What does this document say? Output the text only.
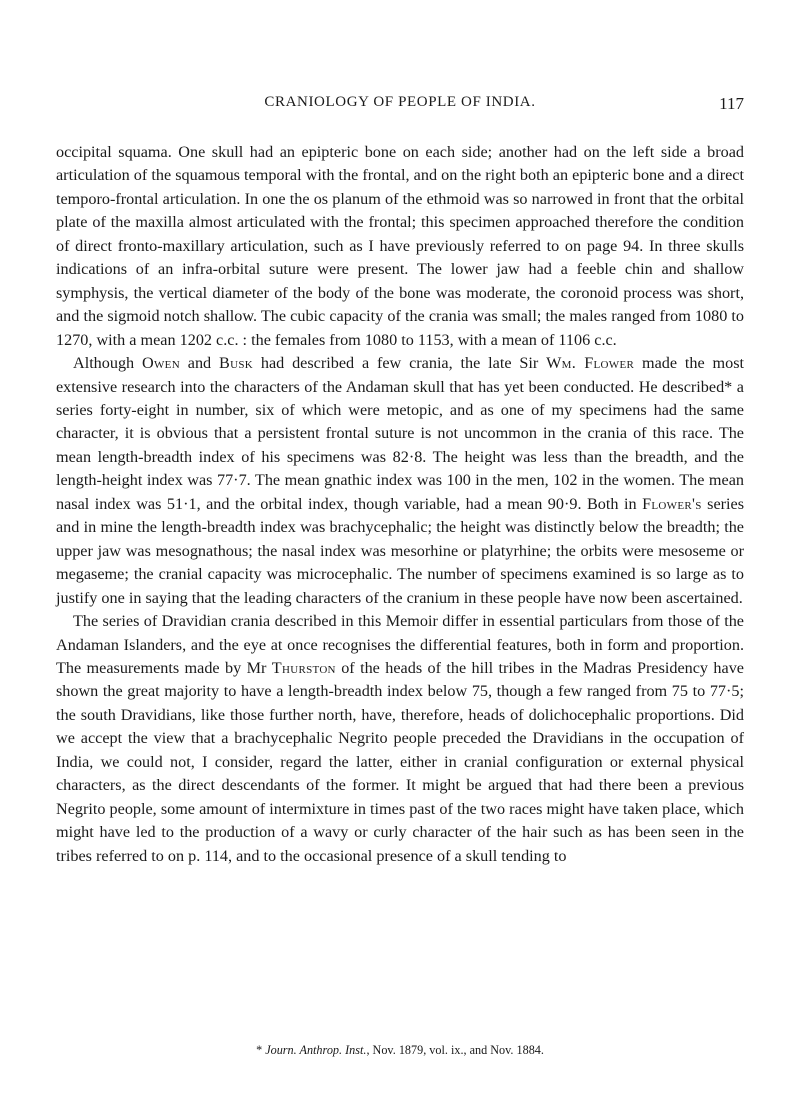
CRANIOLOGY OF PEOPLE OF INDIA.	117

occipital squama. One skull had an epipteric bone on each side; another had on the left side a broad articulation of the squamous temporal with the frontal, and on the right both an epipteric bone and a direct temporo-frontal articulation. In one the os planum of the ethmoid was so narrowed in front that the orbital plate of the maxilla almost articulated with the frontal; this specimen approached therefore the condition of direct fronto-maxillary articulation, such as I have previously referred to on page 94. In three skulls indications of an infra-orbital suture were present. The lower jaw had a feeble chin and shallow symphysis, the vertical diameter of the body of the bone was moderate, the coronoid process was short, and the sigmoid notch shallow. The cubic capacity of the crania was small; the males ranged from 1080 to 1270, with a mean 1202 c.c. : the females from 1080 to 1153, with a mean of 1106 c.c.

Although Owen and Busk had described a few crania, the late Sir Wm. Flower made the most extensive research into the characters of the Andaman skull that has yet been conducted. He described* a series forty-eight in number, six of which were metopic, and as one of my specimens had the same character, it is obvious that a persistent frontal suture is not uncommon in the crania of this race. The mean length-breadth index of his specimens was 82·8. The height was less than the breadth, and the length-height index was 77·7. The mean gnathic index was 100 in the men, 102 in the women. The mean nasal index was 51·1, and the orbital index, though variable, had a mean 90·9. Both in Flower's series and in mine the length-breadth index was brachycephalic; the height was distinctly below the breadth; the upper jaw was mesognathous; the nasal index was mesorhine or platyrhine; the orbits were mesoseme or megaseme; the cranial capacity was microcephalic. The number of specimens examined is so large as to justify one in saying that the leading characters of the cranium in these people have now been ascertained.

The series of Dravidian crania described in this Memoir differ in essential particulars from those of the Andaman Islanders, and the eye at once recognises the differential features, both in form and proportion. The measurements made by Mr Thurston of the heads of the hill tribes in the Madras Presidency have shown the great majority to have a length-breadth index below 75, though a few ranged from 75 to 77·5; the south Dravidians, like those further north, have, therefore, heads of dolichocephalic proportions. Did we accept the view that a brachycephalic Negrito people preceded the Dravidians in the occupation of India, we could not, I consider, regard the latter, either in cranial configuration or external physical characters, as the direct descendants of the former. It might be argued that had there been a previous Negrito people, some amount of intermixture in times past of the two races might have taken place, which might have led to the production of a wavy or curly character of the hair such as has been seen in the tribes referred to on p. 114, and to the occasional presence of a skull tending to

* Journ. Anthrop. Inst., Nov. 1879, vol. ix., and Nov. 1884.
